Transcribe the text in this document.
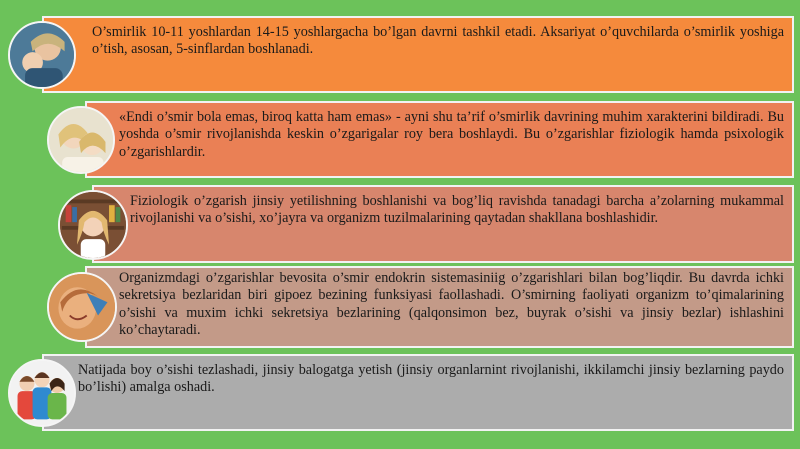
O’smirlik 10-11 yoshlardan 14-15 yoshlargacha bo’lgan davrni tashkil etadi. Aksariyat o’quvchilarda o’smirlik yoshiga o’tish, asosan, 5-sinflardan boshlanadi.
«Endi o’smir bola emas, biroq katta ham emas» - ayni shu ta’rif o’smirlik davrining muhim xarakterini bildiradi. Bu yoshda o’smir rivojlanishda keskin o’zgarigalar roy bera boshlaydi. Bu o’zgarishlar fiziologik hamda psixologik o’zgarishlardir.
Fiziologik o’zgarish jinsiy yetilishning boshlanishi va bog’liq ravishda tanadagi barcha a’zolarning mukammal rivojlanishi va o’sishi, xo’jayra va organizm tuzilmalarining qaytadan shakllana boshlashidir.
Organizmdagi o’zgarishlar bevosita o’smir endokrin sistemasiniig o’zgarishlari bilan bog’liqdir. Bu davrda ichki sekretsiya bezlaridan biri gipoez bezining funksiyasi faollashadi. O’smirning faoliyati organizm to’qimalarining o’sishi va muxim ichki sekretsiya bezlarining (qalqonsimon bez, buyrak o’sishi va jinsiy bezlar) ishlashini ko’chaytaradi.
Natijada boy o’sishi tezlashadi, jinsiy balogatga yetish (jinsiy organlarnint rivojlanishi, ikkilamchi jinsiy bezlarning paydo bo’lishi) amalga oshadi.
